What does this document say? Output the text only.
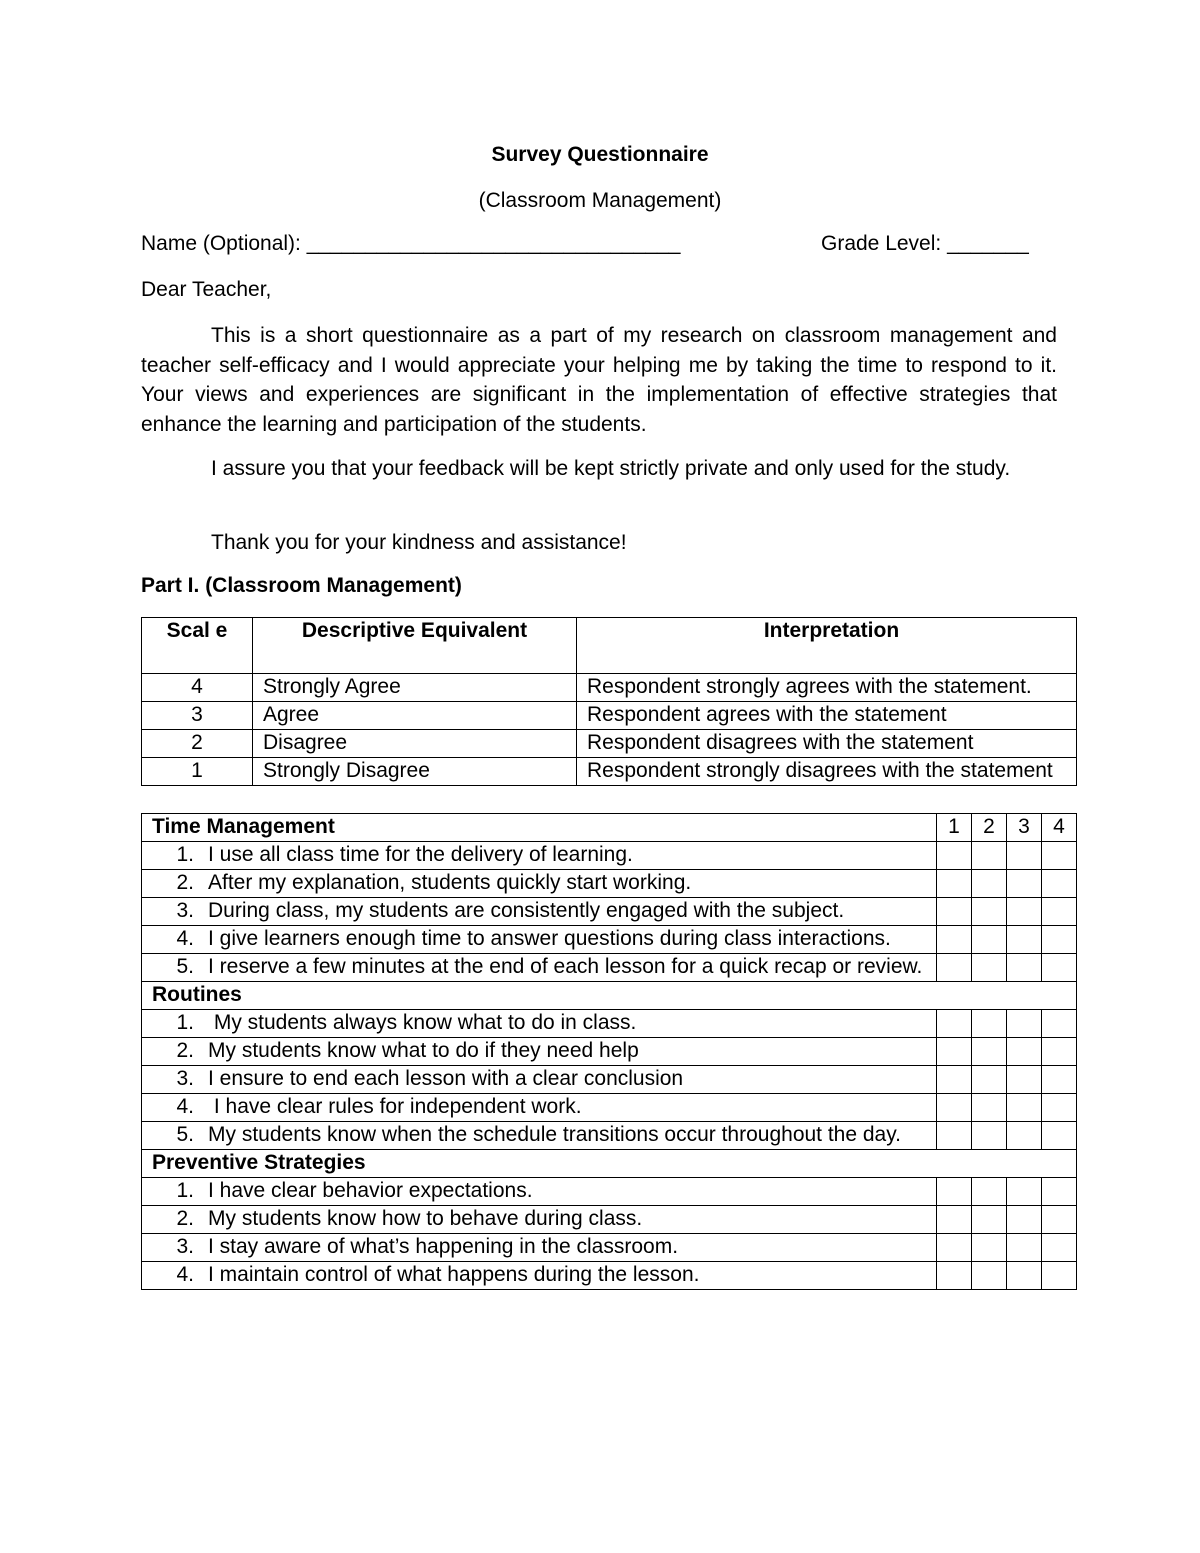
Survey Questionnaire
(Classroom Management)
Name (Optional): ________________________________	Grade Level: _______
Dear Teacher,
This is a short questionnaire as a part of my research on classroom management and teacher self-efficacy and I would appreciate your helping me by taking the time to respond to it. Your views and experiences are significant in the implementation of effective strategies that enhance the learning and participation of the students.
I assure you that your feedback will be kept strictly private and only used for the study.
Thank you for your kindness and assistance!
Part I. (Classroom Management)
Scal e	Descriptive Equivalent	Interpretation
4	Strongly Agree	Respondent strongly agrees with the statement.
3	Agree	Respondent agrees with the statement
2	Disagree	Respondent disagrees with the statement
1	Strongly Disagree	Respondent strongly disagrees with the statement
Time Management	1	2	3	4

1. I use all class time for the delivery of learning.				

2. After my explanation, students quickly start working.				

3. During class, my students are consistently engaged with the subject.				

4. I give learners enough time to answer questions during class interactions.				

5. I reserve a few minutes at the end of each lesson for a quick recap or review.				

Routines				

1. My students always know what to do in class.				

2. My students know what to do if they need help				

3. I ensure to end each lesson with a clear conclusion				

4. I have clear rules for independent work.				

5. My students know when the schedule transitions occur throughout the day.				

Preventive Strategies				

1. I have clear behavior expectations.				

2. My students know how to behave during class.				

3. I stay aware of what’s happening in the classroom.				

4. I maintain control of what happens during the lesson.				
